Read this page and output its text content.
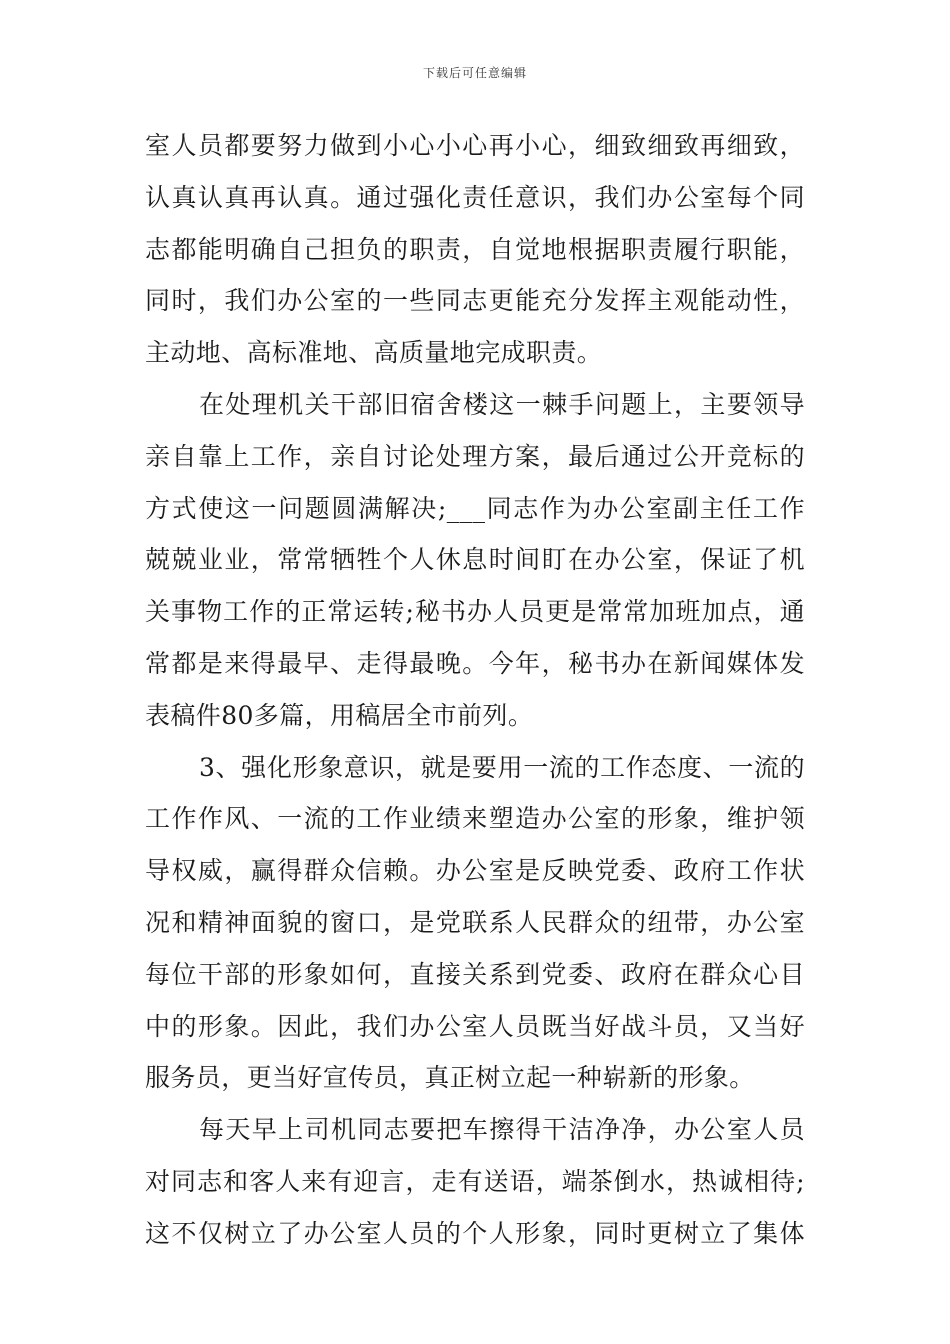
下载后可任意编辑
室人员都要努力做到小心小心再小心，细致细致再细致，
认真认真再认真。通过强化责任意识，我们办公室每个同
志都能明确自己担负的职责，自觉地根据职责履行职能，
同时，我们办公室的一些同志更能充分发挥主观能动性，
主动地、高标准地、高质量地完成职责。
在处理机关干部旧宿舍楼这一棘手问题上，主要领导
亲自靠上工作，亲自讨论处理方案，最后通过公开竞标的
方式使这一问题圆满解决;___同志作为办公室副主任工作
兢兢业业，常常牺牲个人休息时间盯在办公室，保证了机
关事物工作的正常运转;秘书办人员更是常常加班加点，通
常都是来得最早、走得最晚。今年，秘书办在新闻媒体发
表稿件80多篇，用稿居全市前列。
3、强化形象意识，就是要用一流的工作态度、一流的
工作作风、一流的工作业绩来塑造办公室的形象，维护领
导权威，赢得群众信赖。办公室是反映党委、政府工作状
况和精神面貌的窗口，是党联系人民群众的纽带，办公室
每位干部的形象如何，直接关系到党委、政府在群众心目
中的形象。因此，我们办公室人员既当好战斗员，又当好
服务员，更当好宣传员，真正树立起一种崭新的形象。
每天早上司机同志要把车擦得干洁净净，办公室人员
对同志和客人来有迎言，走有送语，端茶倒水，热诚相待;
这不仅树立了办公室人员的个人形象，同时更树立了集体
